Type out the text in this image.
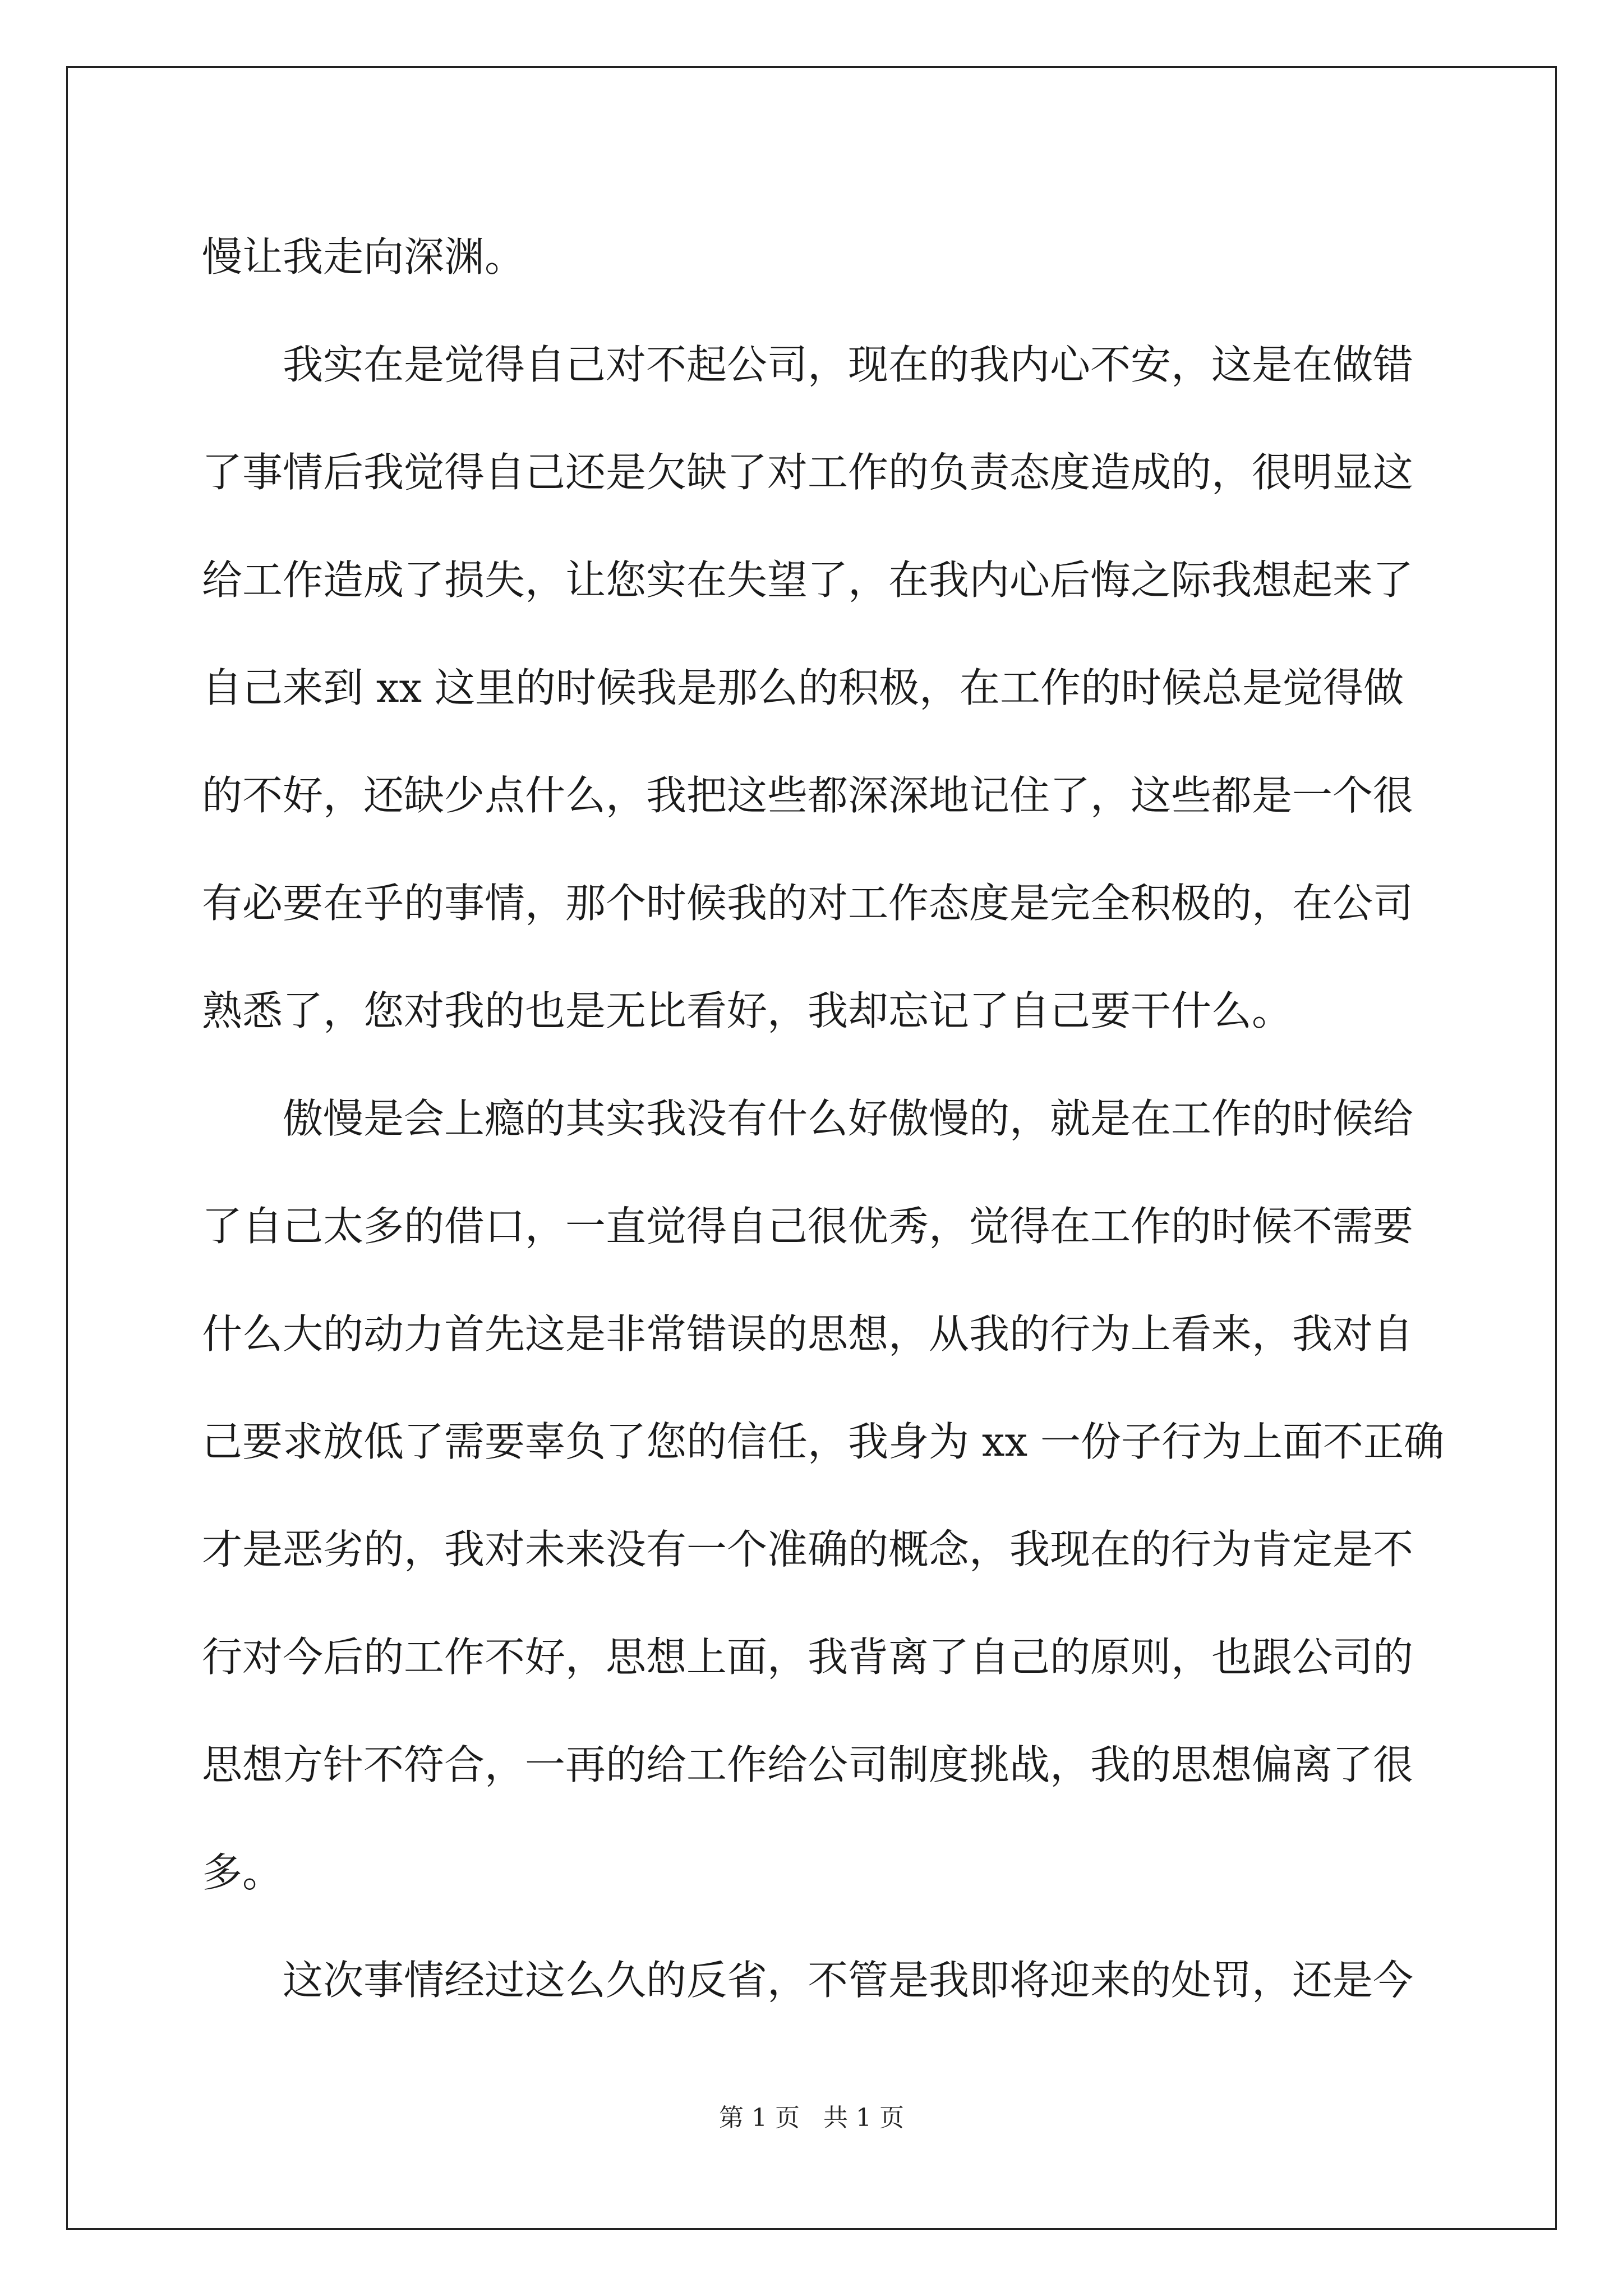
慢让我走向深渊。
我实在是觉得自己对不起公司，现在的我内心不安，这是在做错
了事情后我觉得自己还是欠缺了对工作的负责态度造成的，很明显这
给工作造成了损失，让您实在失望了，在我内心后悔之际我想起来了
自己来到 xx 这里的时候我是那么的积极，在工作的时候总是觉得做
的不好，还缺少点什么，我把这些都深深地记住了，这些都是一个很
有必要在乎的事情，那个时候我的对工作态度是完全积极的，在公司
熟悉了，您对我的也是无比看好，我却忘记了自己要干什么。
傲慢是会上瘾的其实我没有什么好傲慢的，就是在工作的时候给
了自己太多的借口，一直觉得自己很优秀，觉得在工作的时候不需要
什么大的动力首先这是非常错误的思想，从我的行为上看来，我对自
己要求放低了需要辜负了您的信任，我身为 xx 一份子行为上面不正确
才是恶劣的，我对未来没有一个准确的概念，我现在的行为肯定是不
行对今后的工作不好，思想上面，我背离了自己的原则，也跟公司的
思想方针不符合，一再的给工作给公司制度挑战，我的思想偏离了很
多。
这次事情经过这么久的反省，不管是我即将迎来的处罚，还是今
第 1 页   共 1 页
